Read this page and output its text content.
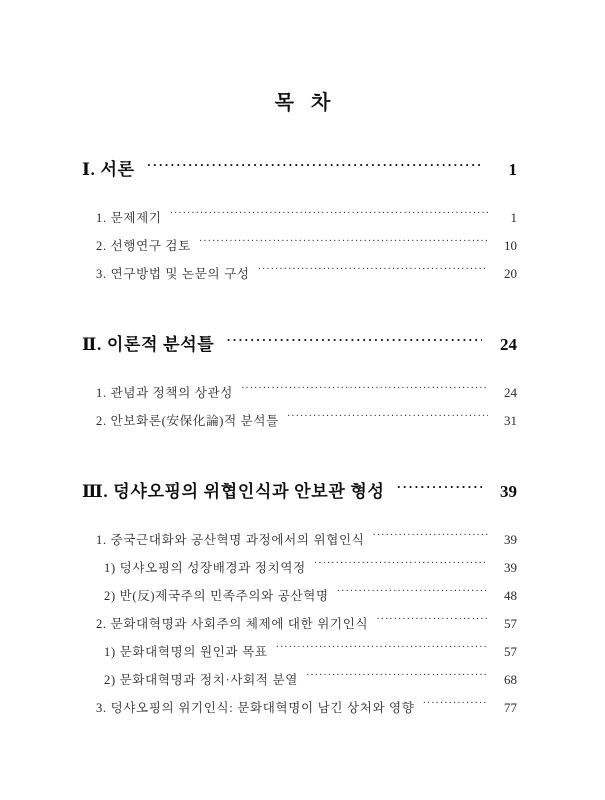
목 차
Ⅰ. 서론 ·····	1
1. 문제제기 ·····	1
2. 선행연구 검토 ·····	10
3. 연구방법 및 논문의 구성 ·····	20
Ⅱ. 이론적 분석틀 ·····	24
1. 관념과 정책의 상관성 ·····	24
2. 안보화론(安保化論)적 분석틀 ·····	31
Ⅲ. 덩샤오핑의 위협인식과 안보관 형성 ·····	39
1. 중국근대화와 공산혁명 과정에서의 위협인식 ·····	39
1) 덩샤오핑의 성장배경과 정치역정 ·····	39
2) 반(反)제국주의 민족주의와 공산혁명 ·····	48
2. 문화대혁명과 사회주의 체제에 대한 위기인식 ·····	57
1) 문화대혁명의 원인과 목표 ·····	57
2) 문화대혁명과 정치·사회적 분열 ·····	68
3. 덩샤오핑의 위기인식: 문화대혁명이 남긴 상처와 영향 ·····	77
